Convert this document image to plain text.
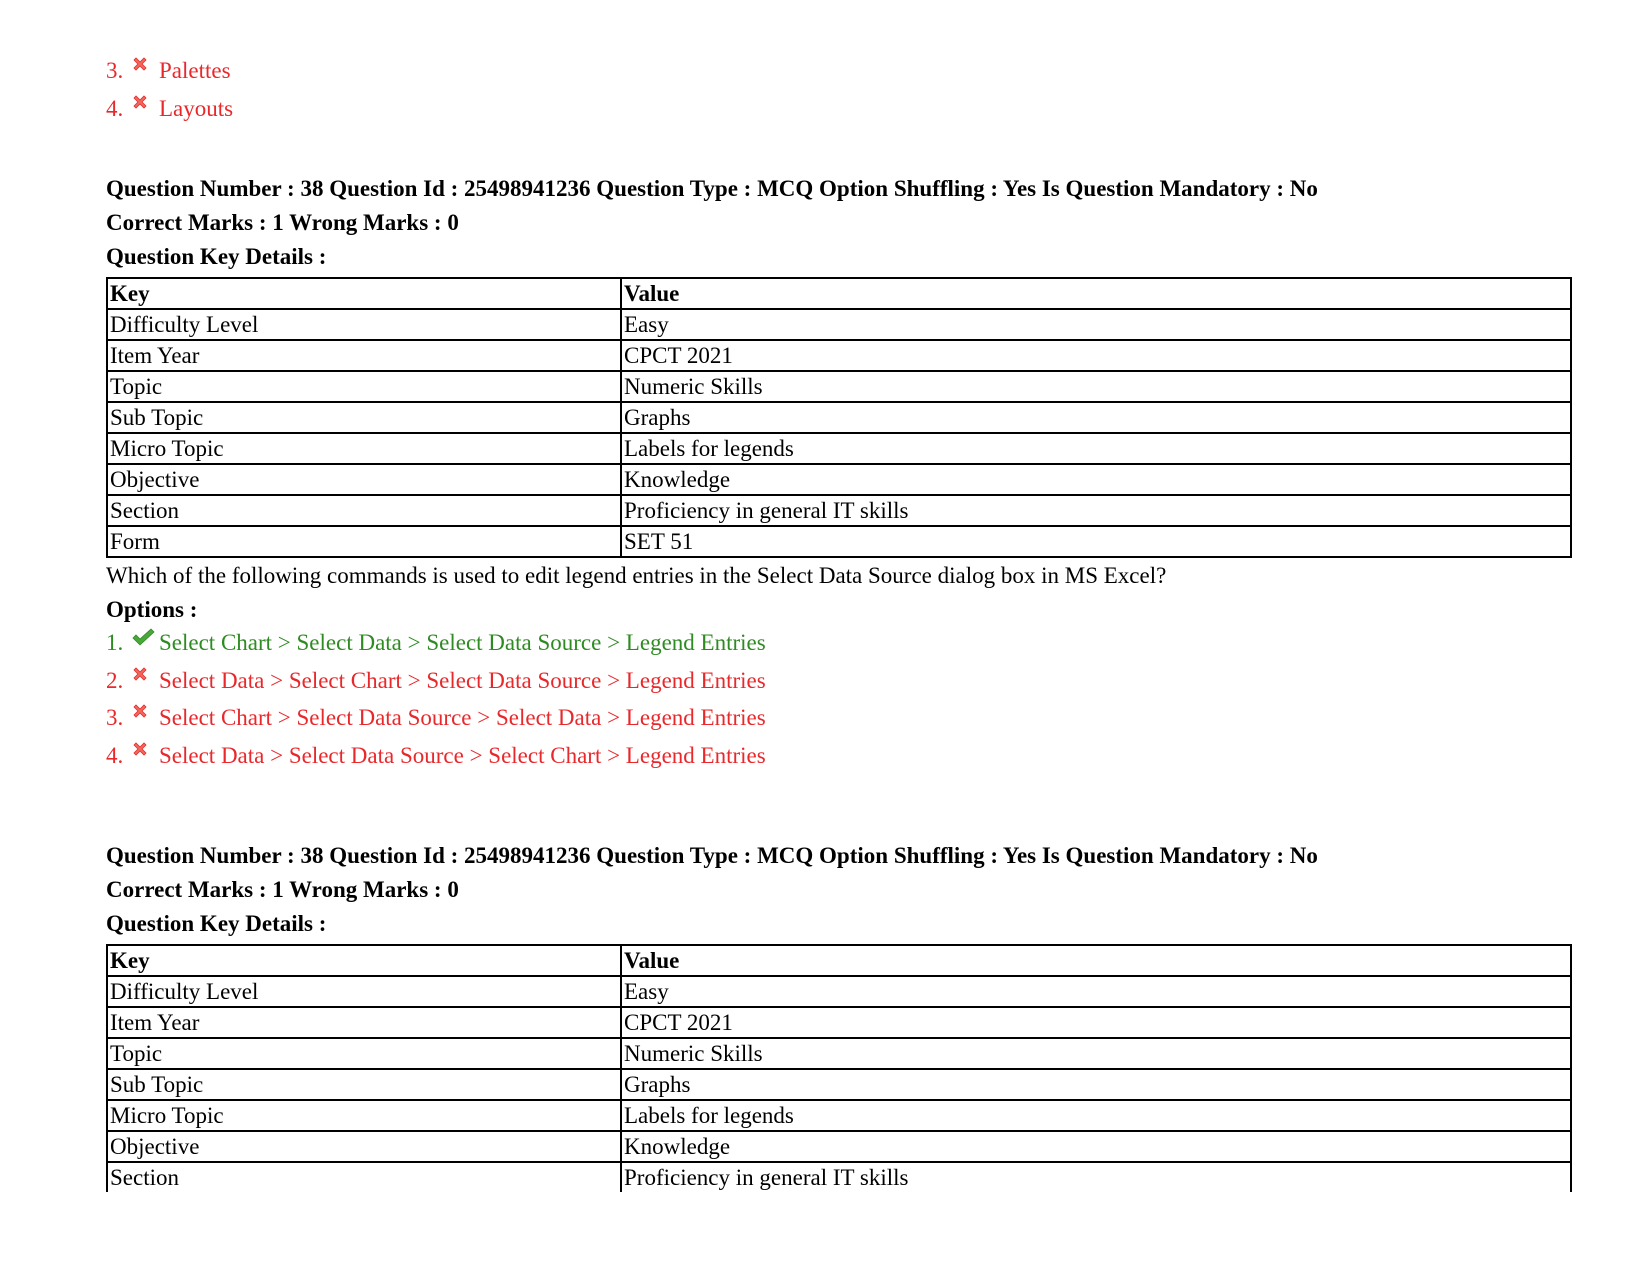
3.	Palettes
4.	Layouts
Question Number : 38 Question Id : 25498941236 Question Type : MCQ Option Shuffling : Yes Is Question Mandatory : No
Correct Marks : 1 Wrong Marks : 0
Question Key Details :
Key	Value
Difficulty Level	Easy
Item Year	CPCT 2021
Topic	Numeric Skills
Sub Topic	Graphs
Micro Topic	Labels for legends
Objective	Knowledge
Section	Proficiency in general IT skills
Form	SET 51
Which of the following commands is used to edit legend entries in the Select Data Source dialog box in MS Excel?
Options :
1.	Select Chart > Select Data > Select Data Source > Legend Entries
2.	Select Data > Select Chart > Select Data Source > Legend Entries
3.	Select Chart > Select Data Source > Select Data > Legend Entries
4.	Select Data > Select Data Source > Select Chart > Legend Entries
Question Number : 38 Question Id : 25498941236 Question Type : MCQ Option Shuffling : Yes Is Question Mandatory : No
Correct Marks : 1 Wrong Marks : 0
Question Key Details :
Key	Value
Difficulty Level	Easy
Item Year	CPCT 2021
Topic	Numeric Skills
Sub Topic	Graphs
Micro Topic	Labels for legends
Objective	Knowledge
Section	Proficiency in general IT skills
